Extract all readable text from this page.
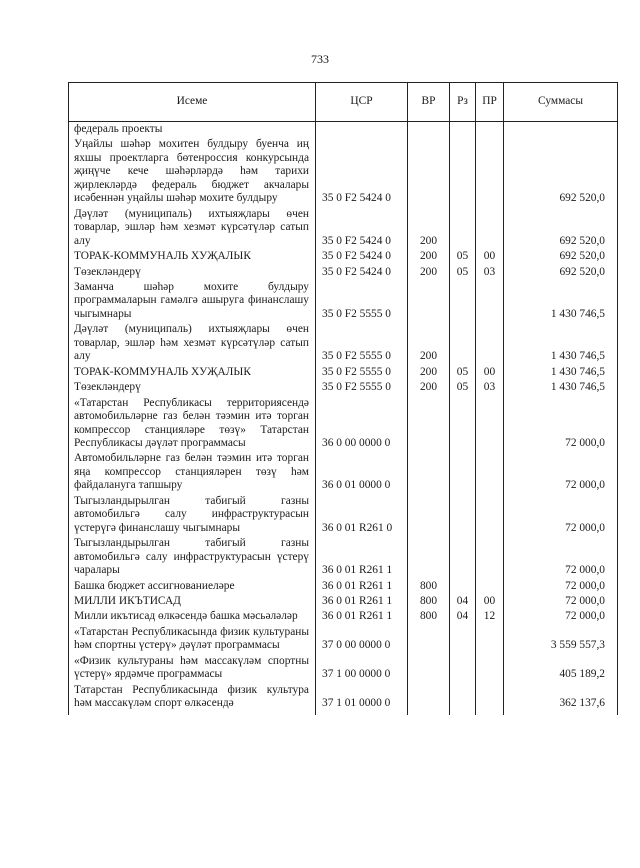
733
Исеме	ЦСР	ВР	Рз	ПР	Суммасы
федераль проекты					
Уңайлы шәһәр мохитен булдыру буенча иң яхшы проектларга бөтенроссия конкурсында җиңүче кече шәһәрләрдә һәм тарихи җирлекләрдә федераль бюджет акчалары исәбеннән уңайлы шәһәр мохите булдыру	35 0 F2 5424 0				692 520,0
Дәүләт (муниципаль) ихтыяҗлары өчен товарлар, эшләр һәм хезмәт күрсәтүләр сатып алу	35 0 F2 5424 0	200			692 520,0
ТОРАК-КОММУНАЛЬ ХУҖАЛЫК	35 0 F2 5424 0	200	05	00	692 520,0
Төзекләндерү	35 0 F2 5424 0	200	05	03	692 520,0
Заманча шәһәр мохите булдыру программаларын гамәлгә ашыруга финанслашу чыгымнары	35 0 F2 5555 0				1 430 746,5
Дәүләт (муниципаль) ихтыяҗлары өчен товарлар, эшләр һәм хезмәт күрсәтүләр сатып алу	35 0 F2 5555 0	200			1 430 746,5
ТОРАК-КОММУНАЛЬ ХУҖАЛЫК	35 0 F2 5555 0	200	05	00	1 430 746,5
Төзекләндерү	35 0 F2 5555 0	200	05	03	1 430 746,5
«Татарстан Республикасы территориясендә автомобильләрне газ белән тәэмин итә торган компрессор станцияләре төзү» Татарстан Республикасы дәүләт программасы	36 0 00 0000 0				72 000,0
Автомобильләрне газ белән тәэмин итә торган яңа компрессор станцияләрен төзү һәм файдалануга тапшыру	36 0 01 0000 0				72 000,0
Тыгызландырылган табигый газны автомобильгә салу инфраструктурасын үстерүгә финанслашу чыгымнары	36 0 01 R261 0				72 000,0
Тыгызландырылган табигый газны автомобильгә салу инфраструктурасын үстерү чаралары	36 0 01 R261 1				72 000,0
Башка бюджет ассигнованиеләре	36 0 01 R261 1	800			72 000,0
МИЛЛИ ИКЪТИСАД	36 0 01 R261 1	800	04	00	72 000,0
Милли икътисад өлкәсендә башка мәсьәләләр	36 0 01 R261 1	800	04	12	72 000,0
«Татарстан Республикасында физик культураны һәм спортны үстерү» дәүләт программасы	37 0 00 0000 0				3 559 557,3
«Физик культураны һәм массакүләм спортны үстерү» ярдәмче программасы	37 1 00 0000 0				405 189,2
Татарстан Республикасында физик культура һәм массакүләм спорт өлкәсендә	37 1 01 0000 0				362 137,6
